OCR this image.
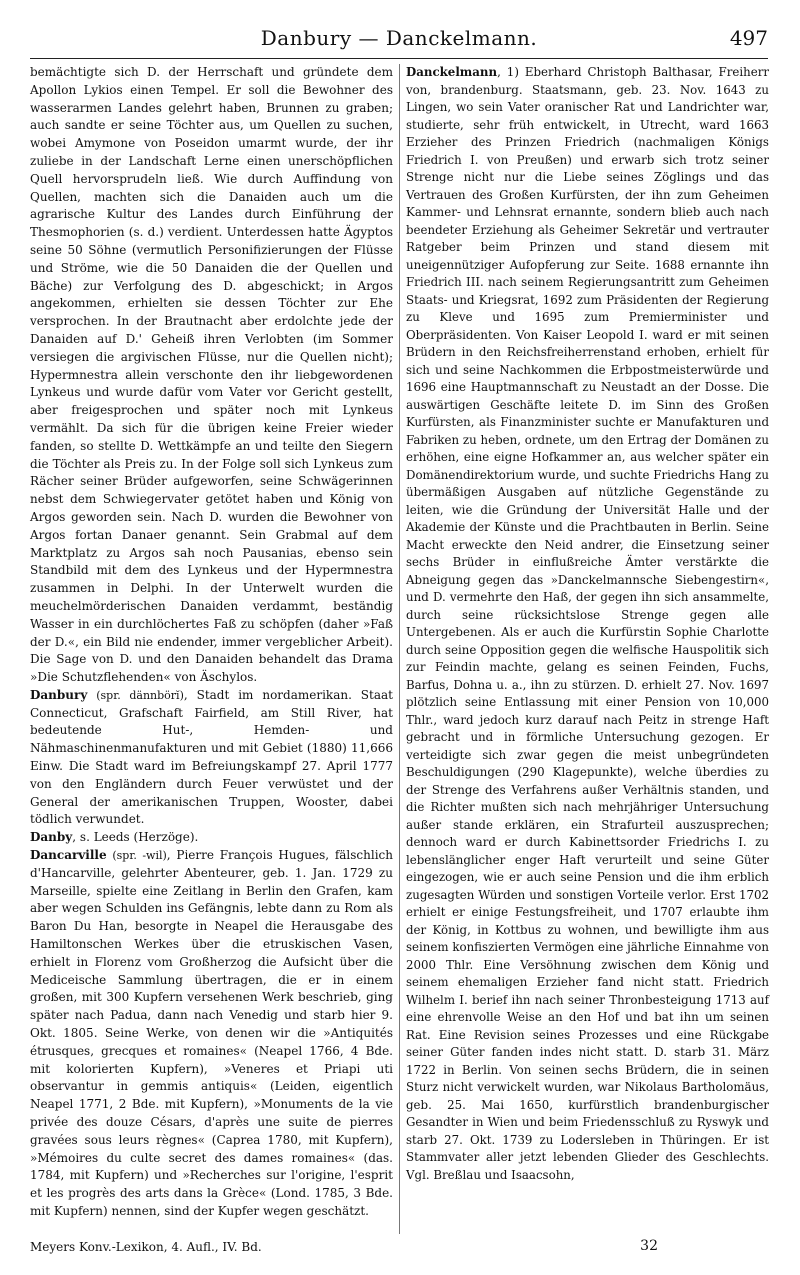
Danbury — Danckelmann.	497

bemächtigte sich D. der Herrschaft und gründete dem Apollon Lykios einen Tempel. Er soll die Bewohner des wasserarmen Landes gelehrt haben, Brunnen zu graben; auch sandte er seine Töchter aus, um Quellen zu suchen, wobei Amymone von Poseidon umarmt wurde, der ihr zuliebe in der Landschaft Lerne einen unerschöpflichen Quell hervorsprudeln ließ. Wie durch Auffindung von Quellen, machten sich die Danaiden auch um die agrarische Kultur des Landes durch Einführung der Thesmophorien (s. d.) verdient. Unterdessen hatte Ägyptos seine 50 Söhne (vermutlich Personifizierungen der Flüsse und Ströme, wie die 50 Danaiden die der Quellen und Bäche) zur Verfolgung des D. abgeschickt; in Argos angekommen, erhielten sie dessen Töchter zur Ehe versprochen. In der Brautnacht aber erdolchte jede der Danaiden auf D.' Geheiß ihren Verlobten (im Sommer versiegen die argivischen Flüsse, nur die Quellen nicht); Hypermnestra allein verschonte den ihr liebgewordenen Lynkeus und wurde dafür vom Vater vor Gericht gestellt, aber freigesprochen und später noch mit Lynkeus vermählt. Da sich für die übrigen keine Freier wieder fanden, so stellte D. Wettkämpfe an und teilte den Siegern die Töchter als Preis zu. In der Folge soll sich Lynkeus zum Rächer seiner Brüder aufgeworfen, seine Schwägerinnen nebst dem Schwiegervater getötet haben und König von Argos geworden sein. Nach D. wurden die Bewohner von Argos fortan Danaer genannt. Sein Grabmal auf dem Marktplatz zu Argos sah noch Pausanias, ebenso sein Standbild mit dem des Lynkeus und der Hypermnestra zusammen in Delphi. In der Unterwelt wurden die meuchelmörderischen Danaiden verdammt, beständig Wasser in ein durchlöchertes Faß zu schöpfen (daher »Faß der D.«, ein Bild nie endender, immer vergeblicher Arbeit). Die Sage von D. und den Danaiden behandelt das Drama »Die Schutzflehenden« von Äschylos.

Danbury (spr. dännbörĭ), Stadt im nordamerikan. Staat Connecticut, Grafschaft Fairfield, am Still River, hat bedeutende Hut-, Hemden- und Nähmaschinenmanufakturen und mit Gebiet (1880) 11,666 Einw. Die Stadt ward im Befreiungskampf 27. April 1777 von den Engländern durch Feuer verwüstet und der General der amerikanischen Truppen, Wooster, dabei tödlich verwundet.

Danby, s. Leeds (Herzöge).

Dancarville (spr. -wil), Pierre François Hugues, fälschlich d'Hancarville, gelehrter Abenteurer, geb. 1. Jan. 1729 zu Marseille, spielte eine Zeitlang in Berlin den Grafen, kam aber wegen Schulden ins Gefängnis, lebte dann zu Rom als Baron Du Han, besorgte in Neapel die Herausgabe des Hamiltonschen Werkes über die etruskischen Vasen, erhielt in Florenz vom Großherzog die Aufsicht über die Mediceische Sammlung übertragen, die er in einem großen, mit 300 Kupfern versehenen Werk beschrieb, ging später nach Padua, dann nach Venedig und starb hier 9. Okt. 1805. Seine Werke, von denen wir die »Antiquités étrusques, grecques et romaines« (Neapel 1766, 4 Bde. mit kolorierten Kupfern), »Veneres et Priapi uti observantur in gemmis antiquis« (Leiden, eigentlich Neapel 1771, 2 Bde. mit Kupfern), »Monuments de la vie privée des douze Césars, d'après une suite de pierres gravées sous leurs règnes« (Caprea 1780, mit Kupfern), »Mémoires du culte secret des dames romaines« (das. 1784, mit Kupfern) und »Recherches sur l'origine, l'esprit et les progrès des arts dans la Grèce« (Lond. 1785, 3 Bde. mit Kupfern) nennen, sind der Kupfer wegen geschätzt.

Danckelmann, 1) Eberhard Christoph Balthasar, Freiherr von, brandenburg. Staatsmann, geb. 23. Nov. 1643 zu Lingen, wo sein Vater oranischer Rat und Landrichter war, studierte, sehr früh entwickelt, in Utrecht, ward 1663 Erzieher des Prinzen Friedrich (nachmaligen Königs Friedrich I. von Preußen) und erwarb sich trotz seiner Strenge nicht nur die Liebe seines Zöglings und das Vertrauen des Großen Kurfürsten, der ihn zum Geheimen Kammer- und Lehnsrat ernannte, sondern blieb auch nach beendeter Erziehung als Geheimer Sekretär und vertrauter Ratgeber beim Prinzen und stand diesem mit uneigennütziger Aufopferung zur Seite. 1688 ernannte ihn Friedrich III. nach seinem Regierungsantritt zum Geheimen Staats- und Kriegsrat, 1692 zum Präsidenten der Regierung zu Kleve und 1695 zum Premierminister und Oberpräsidenten. Von Kaiser Leopold I. ward er mit seinen Brüdern in den Reichsfreiherrenstand erhoben, erhielt für sich und seine Nachkommen die Erbpostmeisterwürde und 1696 eine Hauptmannschaft zu Neustadt an der Dosse. Die auswärtigen Geschäfte leitete D. im Sinn des Großen Kurfürsten, als Finanzminister suchte er Manufakturen und Fabriken zu heben, ordnete, um den Ertrag der Domänen zu erhöhen, eine eigne Hofkammer an, aus welcher später ein Domänendirektorium wurde, und suchte Friedrichs Hang zu übermäßigen Ausgaben auf nützliche Gegenstände zu leiten, wie die Gründung der Universität Halle und der Akademie der Künste und die Prachtbauten in Berlin. Seine Macht erweckte den Neid andrer, die Einsetzung seiner sechs Brüder in einflußreiche Ämter verstärkte die Abneigung gegen das »Danckelmannsche Siebengestirn«, und D. vermehrte den Haß, der gegen ihn sich ansammelte, durch seine rücksichtslose Strenge gegen alle Untergebenen. Als er auch die Kurfürstin Sophie Charlotte durch seine Opposition gegen die welfische Hauspolitik sich zur Feindin machte, gelang es seinen Feinden, Fuchs, Barfus, Dohna u. a., ihn zu stürzen. D. erhielt 27. Nov. 1697 plötzlich seine Entlassung mit einer Pension von 10,000 Thlr., ward jedoch kurz darauf nach Peitz in strenge Haft gebracht und in förmliche Untersuchung gezogen. Er verteidigte sich zwar gegen die meist unbegründeten Beschuldigungen (290 Klagepunkte), welche überdies zu der Strenge des Verfahrens außer Verhältnis standen, und die Richter mußten sich nach mehrjähriger Untersuchung außer stande erklären, ein Strafurteil auszusprechen; dennoch ward er durch Kabinettsorder Friedrichs I. zu lebenslänglicher enger Haft verurteilt und seine Güter eingezogen, wie er auch seine Pension und die ihm erblich zugesagten Würden und sonstigen Vorteile verlor. Erst 1702 erhielt er einige Festungsfreiheit, und 1707 erlaubte ihm der König, in Kottbus zu wohnen, und bewilligte ihm aus seinem konfiszierten Vermögen eine jährliche Einnahme von 2000 Thlr. Eine Versöhnung zwischen dem König und seinem ehemaligen Erzieher fand nicht statt. Friedrich Wilhelm I. berief ihn nach seiner Thronbesteigung 1713 auf eine ehrenvolle Weise an den Hof und bat ihn um seinen Rat. Eine Revision seines Prozesses und eine Rückgabe seiner Güter fanden indes nicht statt. D. starb 31. März 1722 in Berlin. Von seinen sechs Brüdern, die in seinen Sturz nicht verwickelt wurden, war Nikolaus Bartholomäus, geb. 25. Mai 1650, kurfürstlich brandenburgischer Gesandter in Wien und beim Friedensschluß zu Ryswyk und starb 27. Okt. 1739 zu Lodersleben in Thüringen. Er ist Stammvater aller jetzt lebenden Glieder des Geschlechts. Vgl. Breßlau und Isaacsohn,

Meyers Konv.-Lexikon, 4. Aufl., IV. Bd.	32
